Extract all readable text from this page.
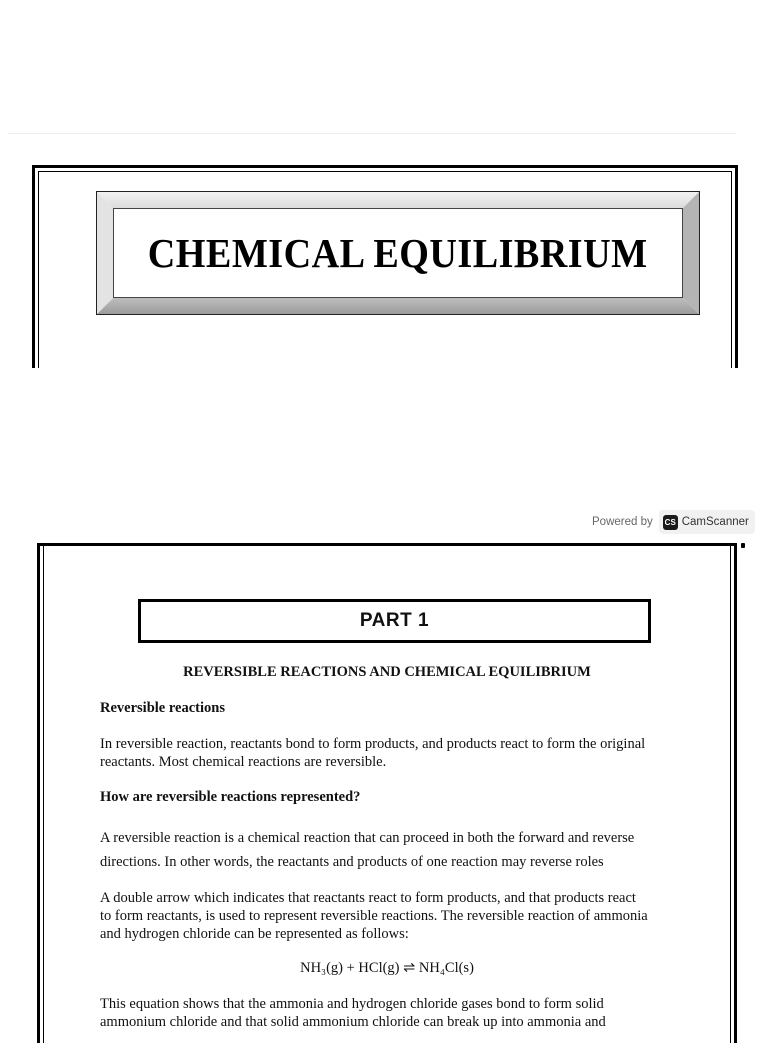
CHEMICAL EQUILIBRIUM
Powered by CS CamScanner
PART 1
REVERSIBLE REACTIONS AND CHEMICAL EQUILIBRIUM
Reversible reactions
In reversible reaction, reactants bond to form products, and products react to form the original
reactants. Most chemical reactions are reversible.
How are reversible reactions represented?
A reversible reaction is a chemical reaction that can proceed in both the forward and reverse
directions. In other words, the reactants and products of one reaction may reverse roles
A double arrow which indicates that reactants react to form products, and that products react
to form reactants, is used to represent reversible reactions. The reversible reaction of ammonia
and hydrogen chloride can be represented as follows:
NH₃(g) + HCl(g) ⇌ NH₄Cl(s)
This equation shows that the ammonia and hydrogen chloride gases bond to form solid
ammonium chloride and that solid ammonium chloride can break up into ammonia and
